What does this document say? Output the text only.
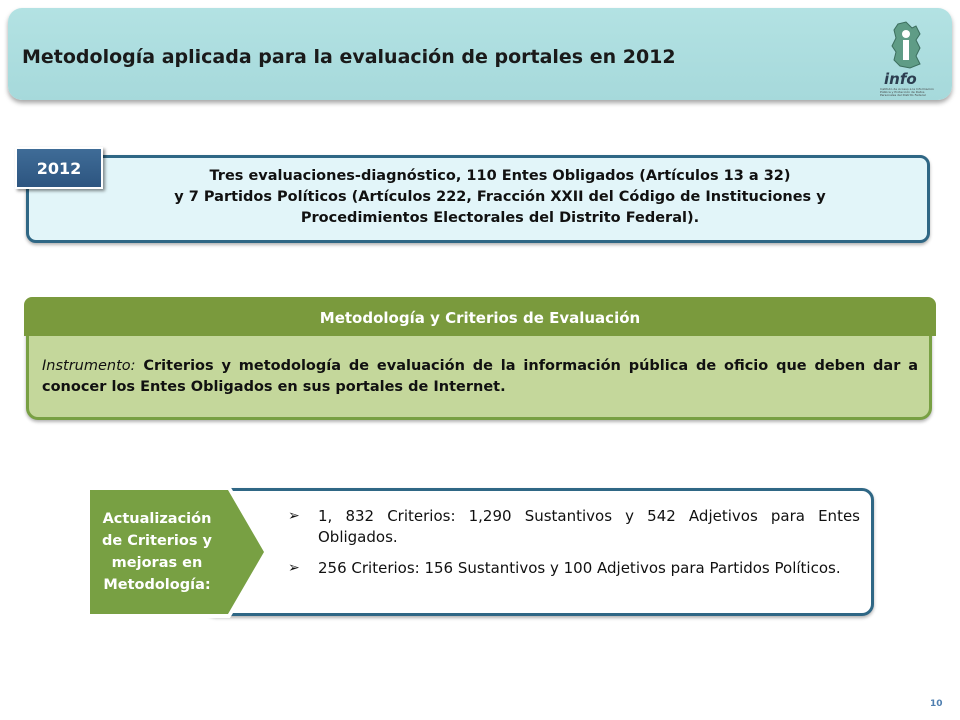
Metodología aplicada para la evaluación de portales en 2012
info
Instituto de Acceso a la Información Pública y Protección de Datos Personales del Distrito Federal
Tres evaluaciones-diagnóstico, 110 Entes Obligados (Artículos 13 a 32)
y 7 Partidos Políticos (Artículos 222, Fracción XXII del Código de Instituciones y
Procedimientos Electorales del Distrito Federal).
2012
Metodología y Criterios de Evaluación
Instrumento: Criterios y metodología de evaluación de la información pública de oficio que deben dar a conocer los Entes Obligados en sus portales de Internet.
Actualización
de Criterios y
mejoras en
Metodología:
➢ 1, 832 Criterios: 1,290 Sustantivos y 542 Adjetivos para Entes Obligados.
➢ 256 Criterios: 156 Sustantivos y 100 Adjetivos para Partidos Políticos.
10
